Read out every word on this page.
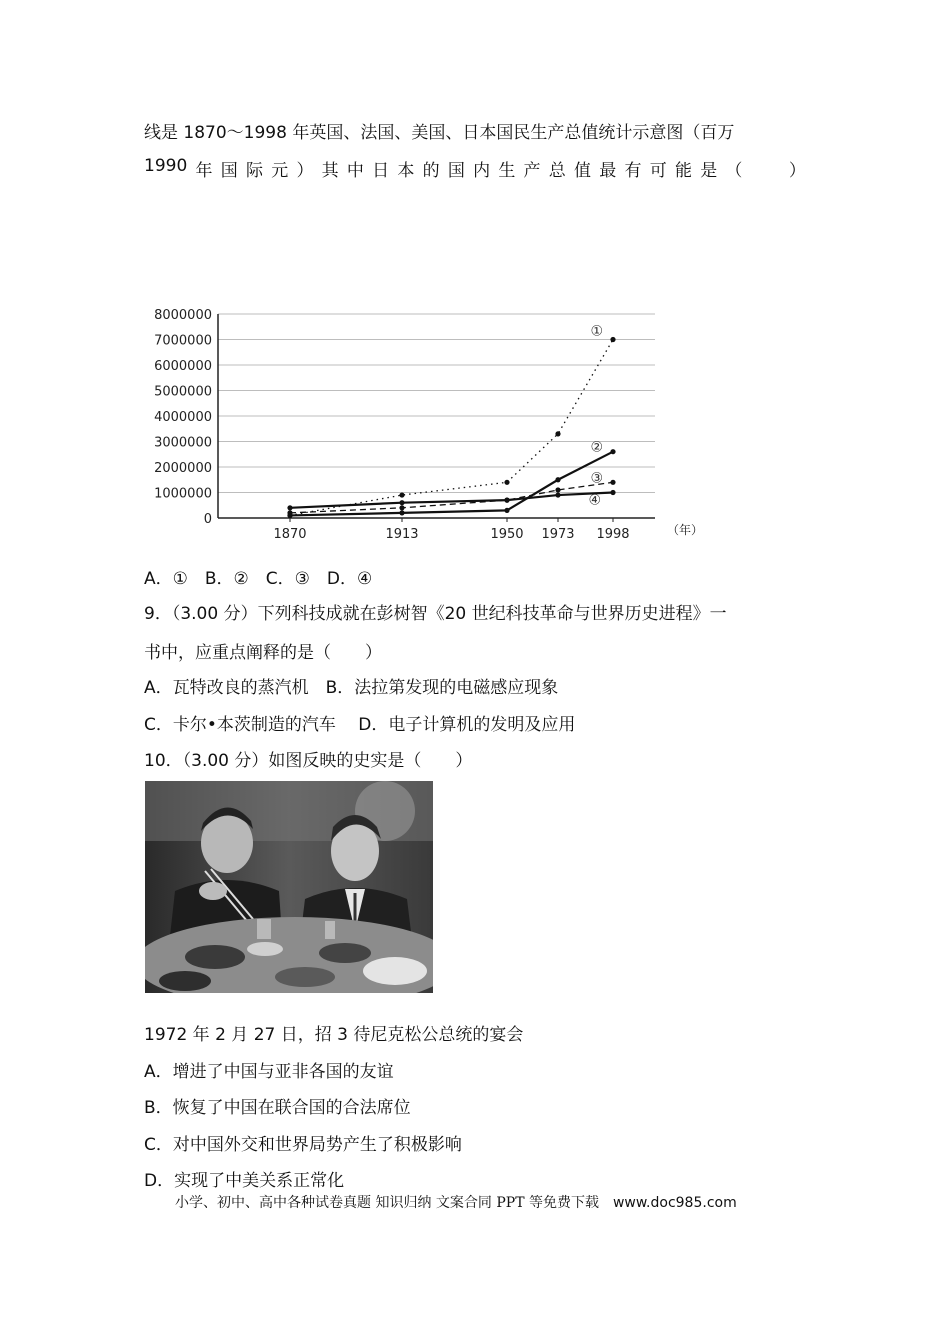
线是 1870～1998 年英国、法国、美国、日本国民生产总值统计示意图（百万
1990 年 国 际 元 ） 其 中 日 本 的 国 内 生 产 总 值 最 有 可 能 是 （	）
8000000
7000000
6000000
5000000
4000000
3000000
2000000
1000000
0
1870	1913	1950 1973 1998	（年）
①
②
③
④
A．①　B．②　C．③　D．④
9．（3.00 分）下列科技成就在彭树智《20 世纪科技革命与世界历史进程》一
书中，应重点阐释的是（　　）
A．瓦特改良的蒸汽机　B．法拉第发现的电磁感应现象
C．卡尔•本茨制造的汽车　 D．电子计算机的发明及应用
10．（3.00 分）如图反映的史实是（　　）
1972 年 2 月 27 日，招 3 待尼克松公总统的宴会
A．增进了中国与亚非各国的友谊
B．恢复了中国在联合国的合法席位
C．对中国外交和世界局势产生了积极影响
D．实现了中美关系正常化
小学、初中、高中各种试卷真题 知识归纳 文案合同 PPT 等免费下载　www.doc985.com
